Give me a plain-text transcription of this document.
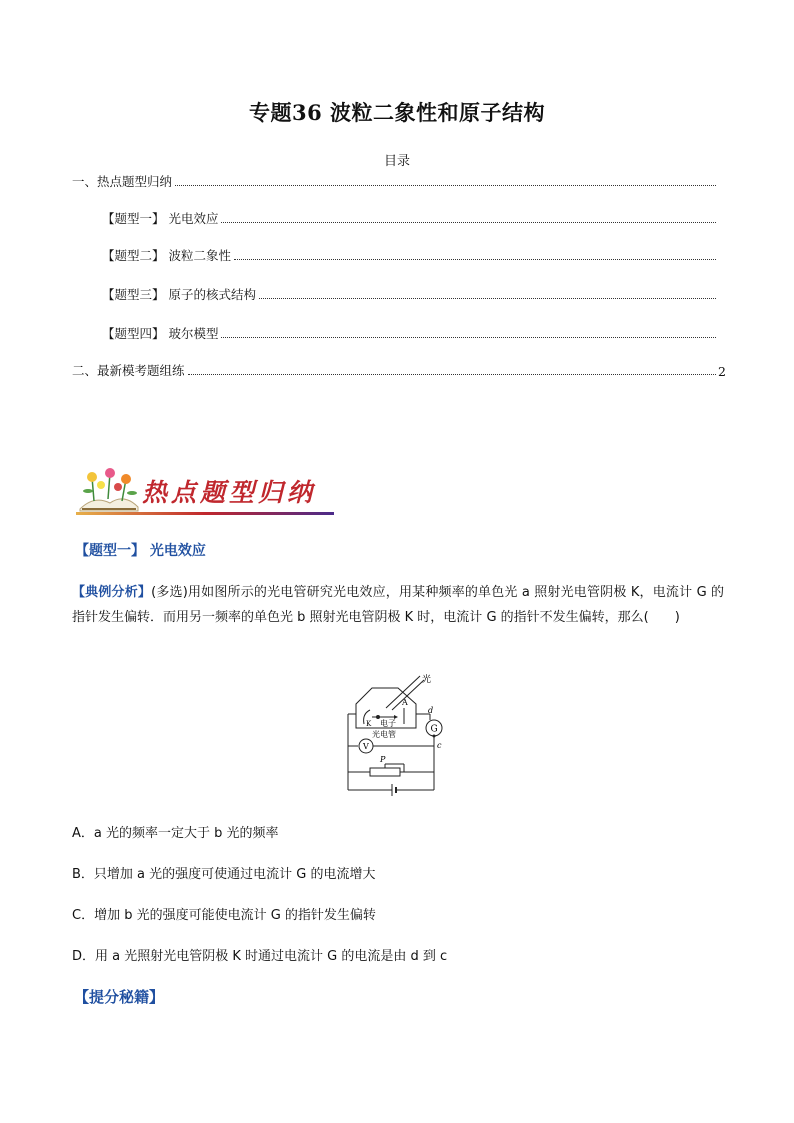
专题36 波粒二象性和原子结构
目录
一、热点题型归纳
【题型一】 光电效应
【题型二】 波粒二象性
【题型三】 原子的核式结构
【题型四】 玻尔模型
二、最新模考题组练	2
热点题型归纳
【题型一】 光电效应
【典例分析】(多选)用如图所示的光电管研究光电效应，用某种频率的单色光 a 照射光电管阴极 K，电流计 G 的指针发生偏转．而用另一频率的单色光 b 照射光电管阴极 K 时，电流计 G 的指针不发生偏转，那么(　　)
光
A
K 电子
光电管	G
V
d
c
P
A．a 光的频率一定大于 b 光的频率
B．只增加 a 光的强度可使通过电流计 G 的电流增大
C．增加 b 光的强度可能使电流计 G 的指针发生偏转
D．用 a 光照射光电管阴极 K 时通过电流计 G 的电流是由 d 到 c
【提分秘籍】
